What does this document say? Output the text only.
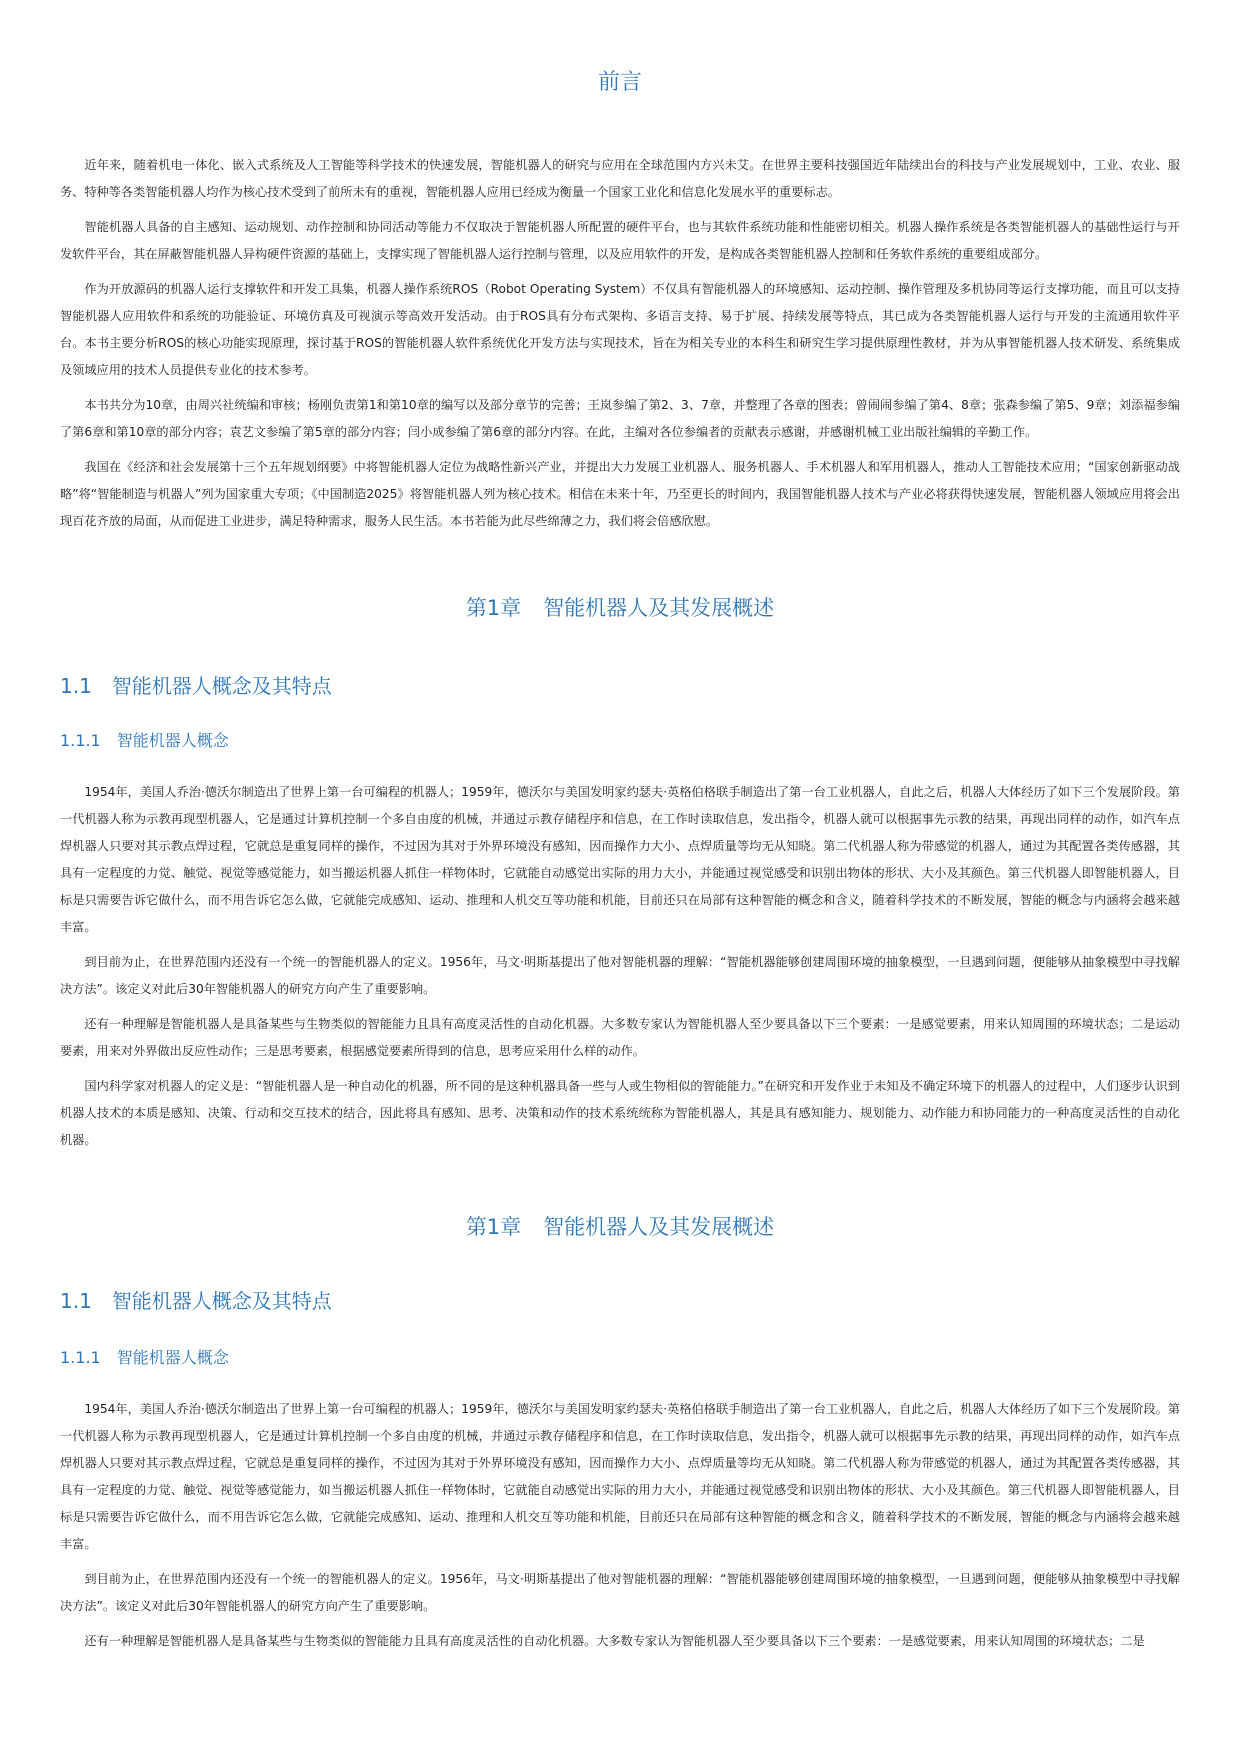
前言

近年来，随着机电一体化、嵌入式系统及人工智能等科学技术的快速发展，智能机器人的研究与应用在全球范围内方兴未艾。在世界主要科技强国近年陆续出台的科技与产业发展规划中，工业、农业、服务、特种等各类智能机器人均作为核心技术受到了前所未有的重视，智能机器人应用已经成为衡量一个国家工业化和信息化发展水平的重要标志。

智能机器人具备的自主感知、运动规划、动作控制和协同活动等能力不仅取决于智能机器人所配置的硬件平台，也与其软件系统功能和性能密切相关。机器人操作系统是各类智能机器人的基础性运行与开发软件平台，其在屏蔽智能机器人异构硬件资源的基础上，支撑实现了智能机器人运行控制与管理，以及应用软件的开发，是构成各类智能机器人控制和任务软件系统的重要组成部分。

作为开放源码的机器人运行支撑软件和开发工具集，机器人操作系统ROS（Robot Operating System）不仅具有智能机器人的环境感知、运动控制、操作管理及多机协同等运行支撑功能，而且可以支持智能机器人应用软件和系统的功能验证、环境仿真及可视演示等高效开发活动。由于ROS具有分布式架构、多语言支持、易于扩展、持续发展等特点，其已成为各类智能机器人运行与开发的主流通用软件平台。本书主要分析ROS的核心功能实现原理，探讨基于ROS的智能机器人软件系统优化开发方法与实现技术，旨在为相关专业的本科生和研究生学习提供原理性教材，并为从事智能机器人技术研发、系统集成及领域应用的技术人员提供专业化的技术参考。

本书共分为10章，由周兴社统编和审核；杨刚负责第1和第10章的编写以及部分章节的完善；王岚参编了第2、3、7章，并整理了各章的图表；曾闹闹参编了第4、8章；张森参编了第5、9章；刘添福参编了第6章和第10章的部分内容；袁艺文参编了第5章的部分内容；闫小成参编了第6章的部分内容。在此，主编对各位参编者的贡献表示感谢，并感谢机械工业出版社编辑的辛勤工作。

我国在《经济和社会发展第十三个五年规划纲要》中将智能机器人定位为战略性新兴产业，并提出大力发展工业机器人、服务机器人、手术机器人和军用机器人，推动人工智能技术应用；“国家创新驱动战略”将“智能制造与机器人”列为国家重大专项；《中国制造2025》将智能机器人列为核心技术。相信在未来十年，乃至更长的时间内，我国智能机器人技术与产业必将获得快速发展，智能机器人领域应用将会出现百花齐放的局面，从而促进工业进步，满足特种需求，服务人民生活。本书若能为此尽些绵薄之力，我们将会倍感欣慰。

第1章 智能机器人及其发展概述
1.1 智能机器人概念及其特点
1.1.1 智能机器人概念

1954年，美国人乔治·德沃尔制造出了世界上第一台可编程的机器人；1959年，德沃尔与美国发明家约瑟夫·英格伯格联手制造出了第一台工业机器人，自此之后，机器人大体经历了如下三个发展阶段。第一代机器人称为示教再现型机器人，它是通过计算机控制一个多自由度的机械，并通过示教存储程序和信息，在工作时读取信息，发出指令，机器人就可以根据事先示教的结果，再现出同样的动作，如汽车点焊机器人只要对其示教点焊过程，它就总是重复同样的操作，不过因为其对于外界环境没有感知，因而操作力大小、点焊质量等均无从知晓。第二代机器人称为带感觉的机器人，通过为其配置各类传感器，其具有一定程度的力觉、触觉、视觉等感觉能力，如当搬运机器人抓住一样物体时，它就能自动感觉出实际的用力大小，并能通过视觉感受和识别出物体的形状、大小及其颜色。第三代机器人即智能机器人，目标是只需要告诉它做什么，而不用告诉它怎么做，它就能完成感知、运动、推理和人机交互等功能和机能，目前还只在局部有这种智能的概念和含义，随着科学技术的不断发展，智能的概念与内涵将会越来越丰富。

到目前为止，在世界范围内还没有一个统一的智能机器人的定义。1956年，马文·明斯基提出了他对智能机器的理解：“智能机器能够创建周围环境的抽象模型，一旦遇到问题，便能够从抽象模型中寻找解决方法”。该定义对此后30年智能机器人的研究方向产生了重要影响。

还有一种理解是智能机器人是具备某些与生物类似的智能能力且具有高度灵活性的自动化机器。大多数专家认为智能机器人至少要具备以下三个要素：一是感觉要素，用来认知周围的环境状态；二是运动要素，用来对外界做出反应性动作；三是思考要素，根据感觉要素所得到的信息，思考应采用什么样的动作。

国内科学家对机器人的定义是：“智能机器人是一种自动化的机器，所不同的是这种机器具备一些与人或生物相似的智能能力。”在研究和开发作业于未知及不确定环境下的机器人的过程中，人们逐步认识到机器人技术的本质是感知、决策、行动和交互技术的结合，因此将具有感知、思考、决策和动作的技术系统统称为智能机器人，其是具有感知能力、规划能力、动作能力和协同能力的一种高度灵活性的自动化机器。

第1章 智能机器人及其发展概述
1.1 智能机器人概念及其特点
1.1.1 智能机器人概念

1954年，美国人乔治·德沃尔制造出了世界上第一台可编程的机器人；1959年，德沃尔与美国发明家约瑟夫·英格伯格联手制造出了第一台工业机器人，自此之后，机器人大体经历了如下三个发展阶段。第一代机器人称为示教再现型机器人，它是通过计算机控制一个多自由度的机械，并通过示教存储程序和信息，在工作时读取信息，发出指令，机器人就可以根据事先示教的结果，再现出同样的动作，如汽车点焊机器人只要对其示教点焊过程，它就总是重复同样的操作，不过因为其对于外界环境没有感知，因而操作力大小、点焊质量等均无从知晓。第二代机器人称为带感觉的机器人，通过为其配置各类传感器，其具有一定程度的力觉、触觉、视觉等感觉能力，如当搬运机器人抓住一样物体时，它就能自动感觉出实际的用力大小，并能通过视觉感受和识别出物体的形状、大小及其颜色。第三代机器人即智能机器人，目标是只需要告诉它做什么，而不用告诉它怎么做，它就能完成感知、运动、推理和人机交互等功能和机能，目前还只在局部有这种智能的概念和含义，随着科学技术的不断发展，智能的概念与内涵将会越来越丰富。

到目前为止，在世界范围内还没有一个统一的智能机器人的定义。1956年，马文·明斯基提出了他对智能机器的理解：“智能机器能够创建周围环境的抽象模型，一旦遇到问题，便能够从抽象模型中寻找解决方法”。该定义对此后30年智能机器人的研究方向产生了重要影响。

还有一种理解是智能机器人是具备某些与生物类似的智能能力且具有高度灵活性的自动化机器。大多数专家认为智能机器人至少要具备以下三个要素：一是感觉要素，用来认知周围的环境状态；二是
